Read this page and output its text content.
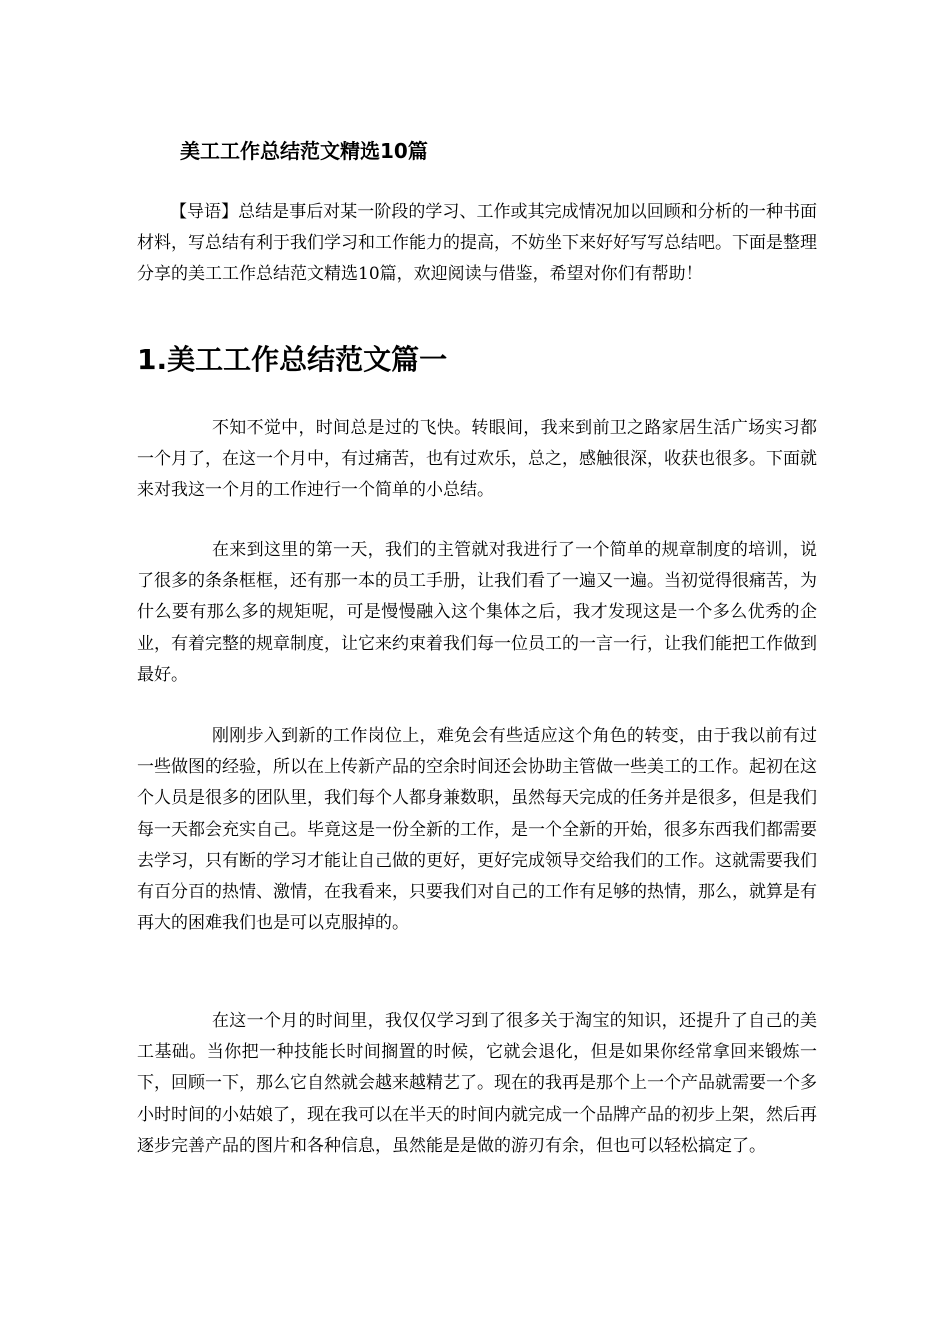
美工工作总结范文精选10篇
【导语】总结是事后对某一阶段的学习、工作或其完成情况加以回顾和分析的一种书面材料，写总结有利于我们学习和工作能力的提高，不妨坐下来好好写写总结吧。下面是整理分享的美工工作总结范文精选10篇，欢迎阅读与借鉴，希望对你们有帮助！
1.美工工作总结范文篇一

不知不觉中，时间总是过的飞快。转眼间，我来到前卫之路家居生活广场实习都一个月了，在这一个月中，有过痛苦，也有过欢乐，总之，感触很深，收获也很多。下面就来对我这一个月的工作迚行一个简单的小总结。

在来到这里的第一天，我们的主管就对我进行了一个简单的规章制度的培训，说了很多的条条框框，还有那一本的员工手册，让我们看了一遍又一遍。当初觉得很痛苦，为什么要有那么多的规矩呢，可是慢慢融入这个集体之后，我才发现这是一个多么优秀的企业，有着完整的规章制度，让它来约束着我们每一位员工的一言一行，让我们能把工作做到最好。

刚刚步入到新的工作岗位上，难免会有些适应这个角色的转变，由于我以前有过一些做图的经验，所以在上传新产品的空余时间还会协助主管做一些美工的工作。起初在这个人员是很多的团队里，我们每个人都身兼数职，虽然每天完成的任务并是很多，但是我们每一天都会充实自己。毕竟这是一份全新的工作，是一个全新的开始，很多东西我们都需要去学习，只有断的学习才能让自己做的更好，更好完成领导交给我们的工作。这就需要我们有百分百的热情、激情，在我看来，只要我们对自己的工作有足够的热情，那么，就算是有再大的困难我们也是可以克服掉的。

在这一个月的时间里，我仅仅学习到了很多关于淘宝的知识，还提升了自己的美工基础。当你把一种技能长时间搁置的时候，它就会退化，但是如果你经常拿回来锻炼一下，回顾一下，那么它自然就会越来越精艺了。现在的我再是那个上一个产品就需要一个多小时时间的小姑娘了，现在我可以在半天的时间内就完成一个品牌产品的初步上架，然后再逐步完善产品的图片和各种信息，虽然能是是做的游刃有余，但也可以轻松搞定了。
